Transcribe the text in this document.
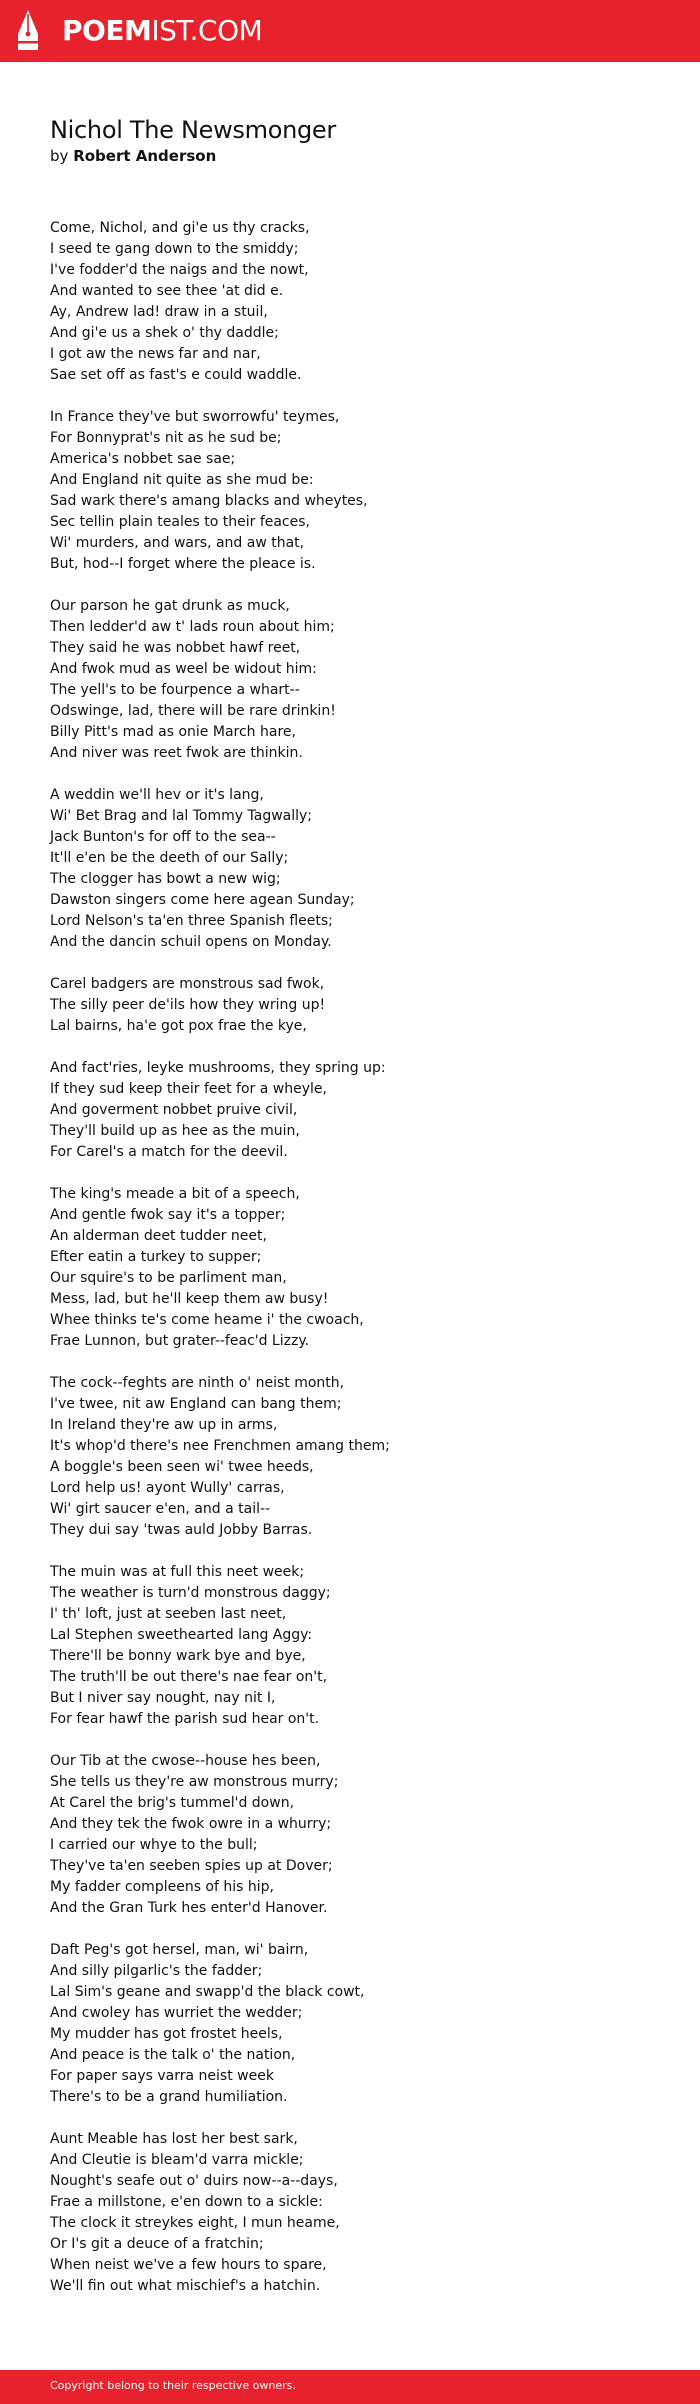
POEMIST.COM
Nichol The Newsmonger
by Robert Anderson
Come, Nichol, and gi'e us thy cracks,
I seed te gang down to the smiddy;
I've fodder'd the naigs and the nowt,
And wanted to see thee 'at did e.
Ay, Andrew lad! draw in a stuil,
And gi'e us a shek o' thy daddle;
I got aw the news far and nar,
Sae set off as fast's e could waddle.
In France they've but sworrowfu' teymes,
For Bonnyprat's nit as he sud be;
America's nobbet sae sae;
And England nit quite as she mud be:
Sad wark there's amang blacks and wheytes,
Sec tellin plain teales to their feaces,
Wi' murders, and wars, and aw that,
But, hod--I forget where the pleace is.
Our parson he gat drunk as muck,
Then ledder'd aw t' lads roun about him;
They said he was nobbet hawf reet,
And fwok mud as weel be widout him:
The yell's to be fourpence a whart--
Odswinge, lad, there will be rare drinkin!
Billy Pitt's mad as onie March hare,
And niver was reet fwok are thinkin.
A weddin we'll hev or it's lang,
Wi' Bet Brag and lal Tommy Tagwally;
Jack Bunton's for off to the sea--
It'll e'en be the deeth of our Sally;
The clogger has bowt a new wig;
Dawston singers come here agean Sunday;
Lord Nelson's ta'en three Spanish fleets;
And the dancin schuil opens on Monday.
Carel badgers are monstrous sad fwok,
The silly peer de'ils how they wring up!
Lal bairns, ha'e got pox frae the kye,
And fact'ries, leyke mushrooms, they spring up:
If they sud keep their feet for a wheyle,
And goverment nobbet pruive civil,
They'll build up as hee as the muin,
For Carel's a match for the deevil.
The king's meade a bit of a speech,
And gentle fwok say it's a topper;
An alderman deet tudder neet,
Efter eatin a turkey to supper;
Our squire's to be parliment man,
Mess, lad, but he'll keep them aw busy!
Whee thinks te's come heame i' the cwoach,
Frae Lunnon, but grater--feac'd Lizzy.
The cock--feghts are ninth o' neist month,
I've twee, nit aw England can bang them;
In Ireland they're aw up in arms,
It's whop'd there's nee Frenchmen amang them;
A boggle's been seen wi' twee heeds,
Lord help us! ayont Wully' carras,
Wi' girt saucer e'en, and a tail--
They dui say 'twas auld Jobby Barras.
The muin was at full this neet week;
The weather is turn'd monstrous daggy;
I' th' loft, just at seeben last neet,
Lal Stephen sweethearted lang Aggy:
There'll be bonny wark bye and bye,
The truth'll be out there's nae fear on't,
But I niver say nought, nay nit I,
For fear hawf the parish sud hear on't.
Our Tib at the cwose--house hes been,
She tells us they're aw monstrous murry;
At Carel the brig's tummel'd down,
And they tek the fwok owre in a whurry;
I carried our whye to the bull;
They've ta'en seeben spies up at Dover;
My fadder compleens of his hip,
And the Gran Turk hes enter'd Hanover.
Daft Peg's got hersel, man, wi' bairn,
And silly pilgarlic's the fadder;
Lal Sim's geane and swapp'd the black cowt,
And cwoley has wurriet the wedder;
My mudder has got frostet heels,
And peace is the talk o' the nation,
For paper says varra neist week
There's to be a grand humiliation.
Aunt Meable has lost her best sark,
And Cleutie is bleam'd varra mickle;
Nought's seafe out o' duirs now--a--days,
Frae a millstone, e'en down to a sickle:
The clock it streykes eight, I mun heame,
Or I's git a deuce of a fratchin;
When neist we've a few hours to spare,
We'll fin out what mischief's a hatchin.
Copyright belong to their respective owners.
